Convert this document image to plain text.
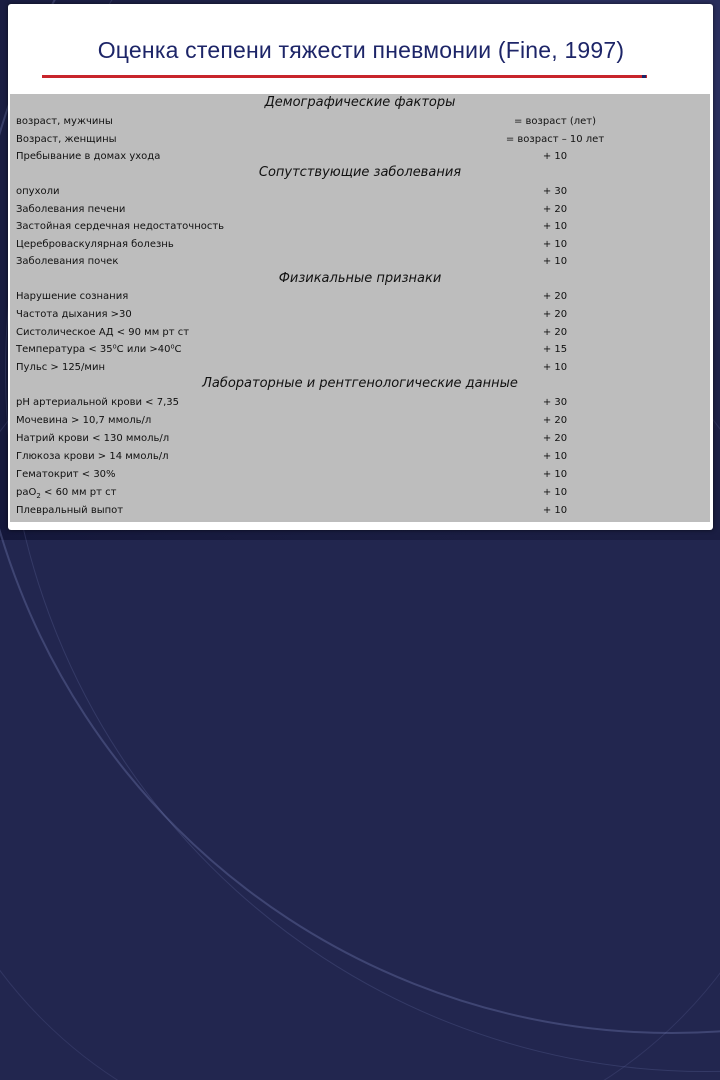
Оценка степени тяжести пневмонии (Fine, 1997)
Демографические факторы
возраст, мужчины	= возраст (лет)
Возраст, женщины	= возраст – 10 лет
Пребывание в домах ухода	+ 10
Сопутствующие заболевания
опухоли	+ 30
Заболевания печени	+ 20
Застойная сердечная недостаточность	+ 10
Цереброваскулярная болезнь	+ 10
Заболевания почек	+ 10
Физикальные признаки
Нарушение сознания	+ 20
Частота дыхания >30	+ 20
Систолическое АД < 90 мм рт ст	+ 20
Температура < 35⁰С или >40⁰С	+ 15
Пульс > 125/мин	+ 10
Лабораторные и рентгенологические данные
рН артериальной крови < 7,35	+ 30
Мочевина > 10,7 ммоль/л	+ 20
Натрий крови < 130 ммоль/л	+ 20
Глюкоза крови > 14 ммоль/л	+ 10
Гематокрит < 30%	+ 10
раО$_2$ < 60 мм рт ст	+ 10
Плевральный выпот	+ 10
